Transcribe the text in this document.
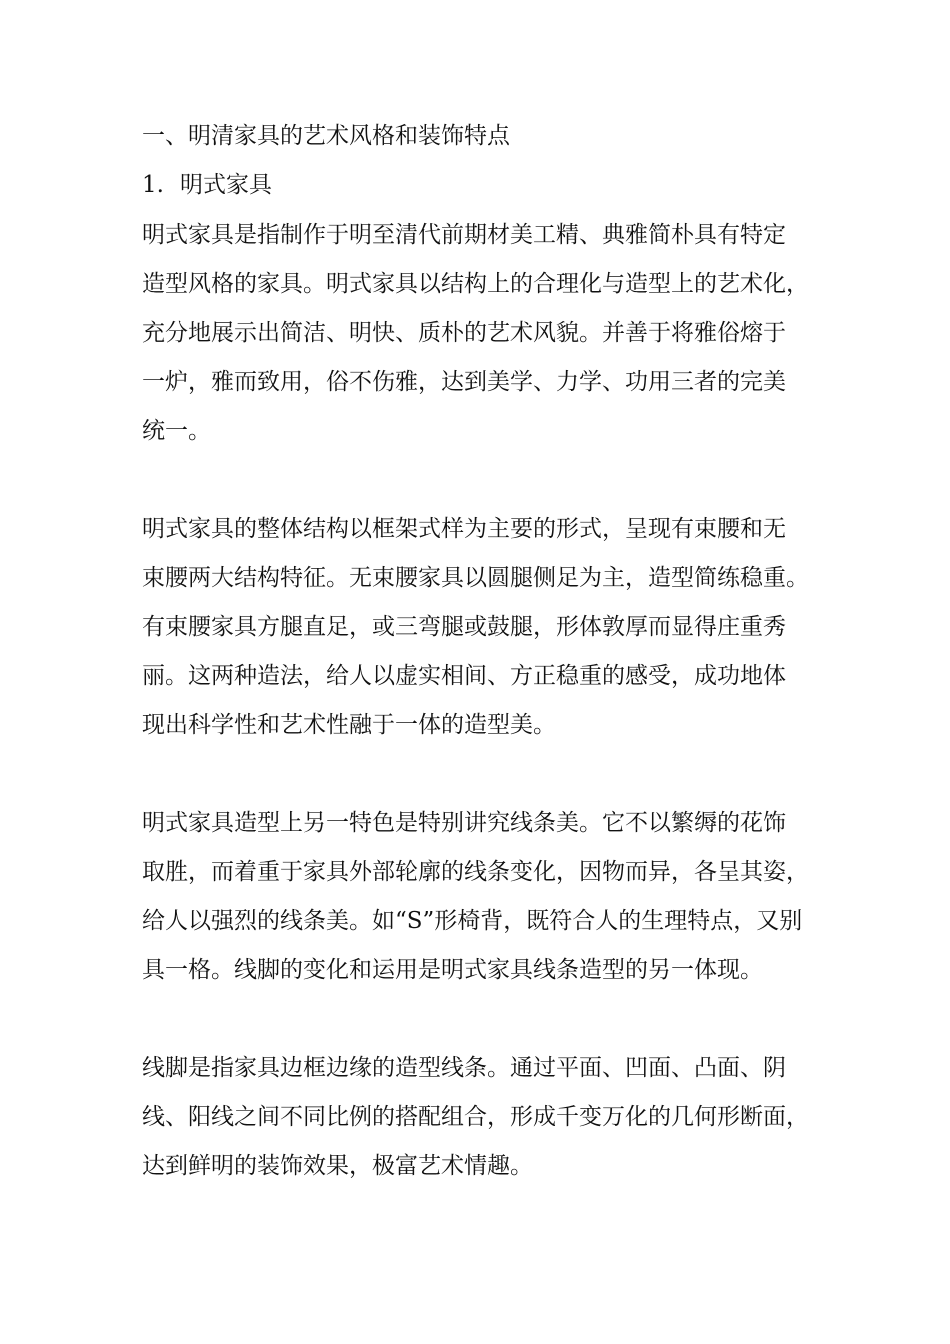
一、明清家具的艺术风格和装饰特点

1. 明式家具

明式家具是指制作于明至清代前期材美工精、典雅简朴具有特定
造型风格的家具。明式家具以结构上的合理化与造型上的艺术化，
充分地展示出简洁、明快、质朴的艺术风貌。并善于将雅俗熔于
一炉，雅而致用，俗不伤雅，达到美学、力学、功用三者的完美
统一。

明式家具的整体结构以框架式样为主要的形式，呈现有束腰和无
束腰两大结构特征。无束腰家具以圆腿侧足为主，造型简练稳重。
有束腰家具方腿直足，或三弯腿或鼓腿，形体敦厚而显得庄重秀
丽。这两种造法，给人以虚实相间、方正稳重的感受，成功地体
现出科学性和艺术性融于一体的造型美。

明式家具造型上另一特色是特别讲究线条美。它不以繁缛的花饰
取胜，而着重于家具外部轮廓的线条变化，因物而异，各呈其姿，
给人以强烈的线条美。如“S”形椅背，既符合人的生理特点，又别
具一格。线脚的变化和运用是明式家具线条造型的另一体现。

线脚是指家具边框边缘的造型线条。通过平面、凹面、凸面、阴
线、阳线之间不同比例的搭配组合，形成千变万化的几何形断面，
达到鲜明的装饰效果，极富艺术情趣。
